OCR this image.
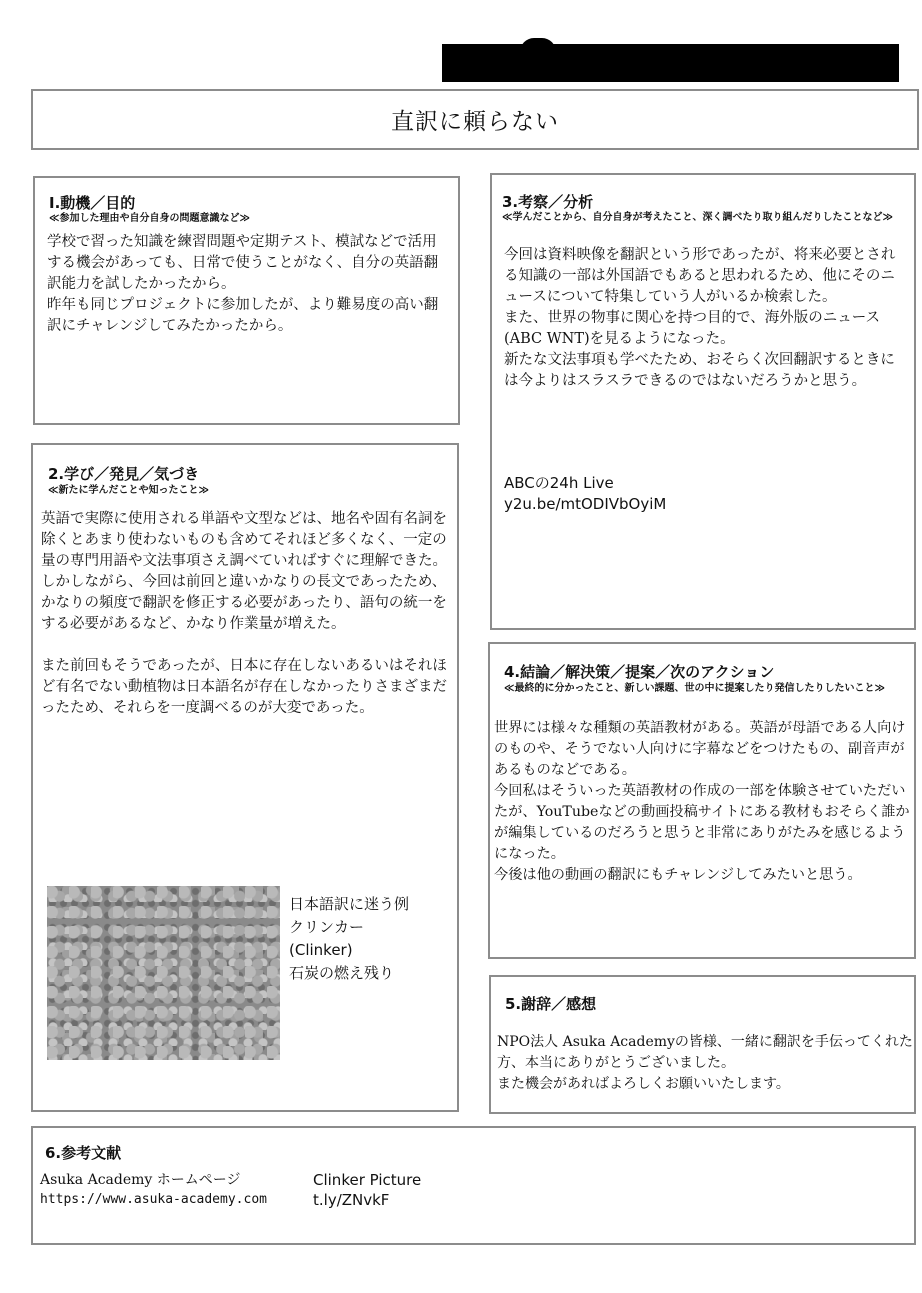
直訳に頼らない
I.動機／目的
≪参加した理由や自分自身の問題意識など≫

学校で習った知識を練習問題や定期テスト、模試などで活用する機会があっても、日常で使うことがなく、自分の英語翻訳能力を試したかったから。

昨年も同じプロジェクトに参加したが、より難易度の高い翻訳にチャレンジしてみたかったから。

2.学び／発見／気づき
≪新たに学んだことや知ったこと≫

英語で実際に使用される単語や文型などは、地名や固有名詞を除くとあまり使わないものも含めてそれほど多くなく、一定の量の専門用語や文法事項さえ調べていればすぐに理解できた。

しかしながら、今回は前回と違いかなりの長文であったため、かなりの頻度で翻訳を修正する必要があったり、語句の統一をする必要があるなど、かなり作業量が増えた。

また前回もそうであったが、日本に存在しないあるいはそれほど有名でない動植物は日本語名が存在しなかったりさまざまだったため、それらを一度調べるのが大変であった。

日本語訳に迷う例

クリンカー

(Clinker)

石炭の燃え残り

3.考察／分析
≪学んだことから、自分自身が考えたこと、深く調べたり取り組んだりしたことなど≫

今回は資料映像を翻訳という形であったが、将来必要とされる知識の一部は外国語でもあると思われるため、他にそのニュースについて特集していう人がいるか検索した。

また、世界の物事に関心を持つ目的で、海外版のニュース(ABC WNT)を見るようになった。

新たな文法事項も学べたため、おそらく次回翻訳するときには今よりはスラスラできるのではないだろうかと思う。

ABCの24h Live

y2u.be/mtODIVbOyiM

4.結論／解決策／提案／次のアクション
≪最終的に分かったこと、新しい課題、世の中に提案したり発信したりしたいこと≫

世界には様々な種類の英語教材がある。英語が母語である人向けのものや、そうでない人向けに字幕などをつけたもの、副音声があるものなどである。

今回私はそういった英語教材の作成の一部を体験させていただいたが、YouTubeなどの動画投稿サイトにある教材もおそらく誰かが編集しているのだろうと思うと非常にありがたみを感じるようになった。

今後は他の動画の翻訳にもチャレンジしてみたいと思う。

5.謝辞／感想

NPO法人 Asuka Academyの皆様、一緒に翻訳を手伝ってくれた方、本当にありがとうございました。

また機会があればよろしくお願いいたします。

6.参考文献

Asuka Academy ホームページ

https://www.asuka-academy.com

Clinker Picture

t.ly/ZNvkF
